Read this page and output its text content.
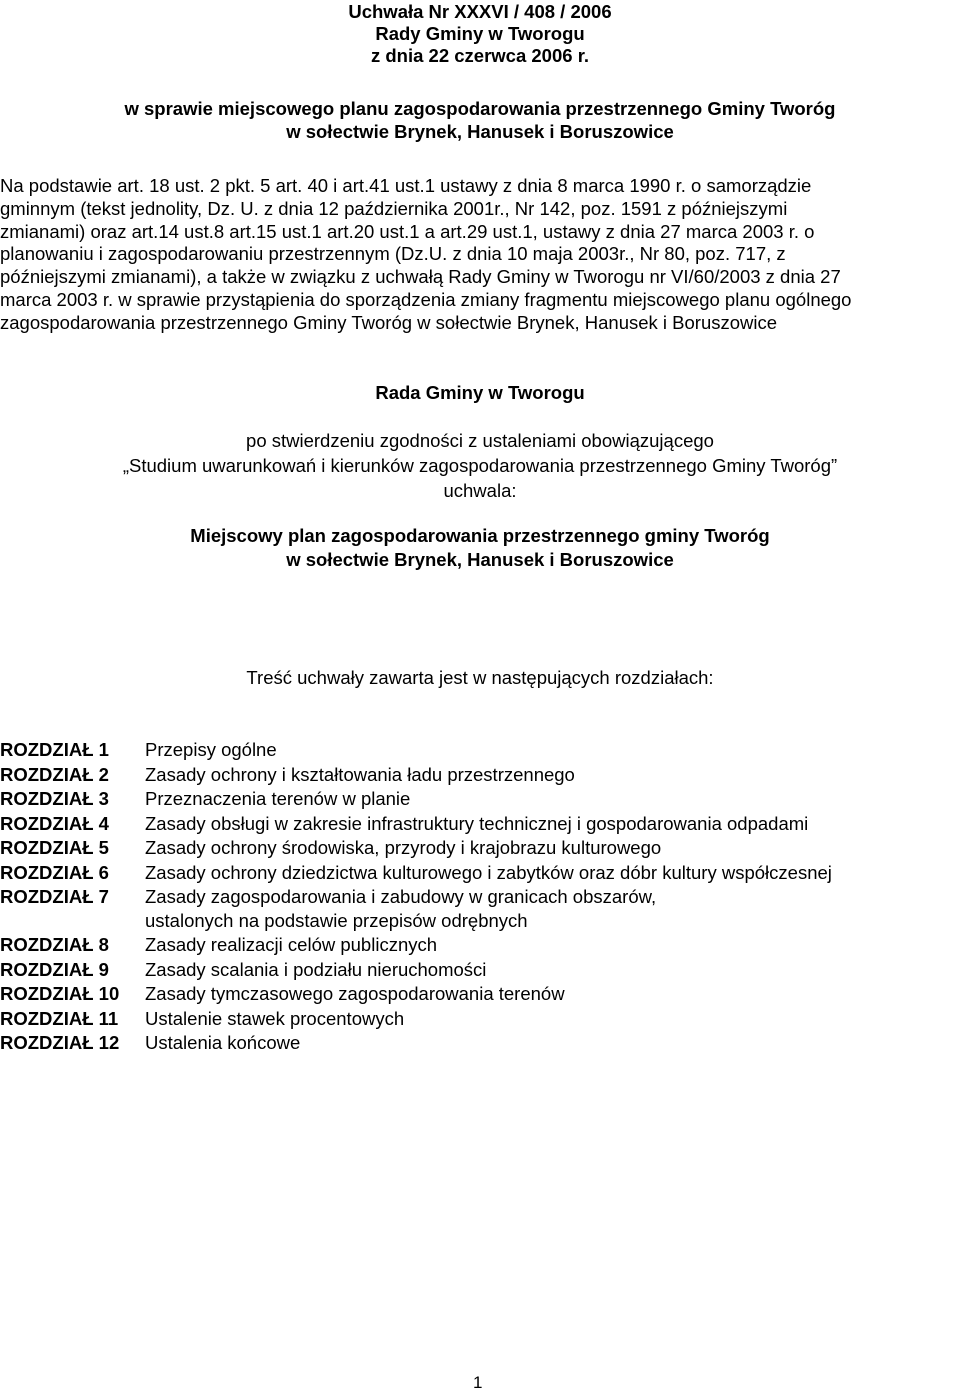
Uchwała Nr XXXVI / 408 / 2006
Rady Gminy w Tworogu
z dnia 22 czerwca 2006 r.
w sprawie miejscowego planu zagospodarowania przestrzennego Gminy Tworóg
w sołectwie Brynek, Hanusek i Boruszowice
Na podstawie art. 18 ust. 2 pkt. 5 art. 40 i art.41 ust.1 ustawy z dnia 8 marca 1990 r. o samorządzie
gminnym (tekst jednolity, Dz. U. z dnia 12 października 2001r., Nr 142, poz. 1591 z późniejszymi
zmianami) oraz art.14 ust.8 art.15 ust.1 art.20 ust.1 a art.29 ust.1, ustawy z dnia 27 marca 2003 r. o
planowaniu i zagospodarowaniu przestrzennym (Dz.U. z dnia 10 maja 2003r., Nr 80, poz. 717, z
późniejszymi zmianami), a także w związku z uchwałą Rady Gminy w Tworogu nr VI/60/2003 z dnia 27
marca 2003 r. w sprawie przystąpienia do sporządzenia zmiany fragmentu miejscowego planu ogólnego
zagospodarowania przestrzennego Gminy Tworóg w sołectwie Brynek, Hanusek i Boruszowice
Rada Gminy w Tworogu
po stwierdzeniu zgodności z ustaleniami obowiązującego
„Studium uwarunkowań i kierunków zagospodarowania przestrzennego Gminy Tworóg”
uchwala:
Miejscowy plan zagospodarowania przestrzennego gminy Tworóg
w sołectwie Brynek, Hanusek i Boruszowice
Treść uchwały zawarta jest w następujących rozdziałach:
ROZDZIAŁ 1 Przepisy ogólne
ROZDZIAŁ 2 Zasady ochrony i kształtowania ładu przestrzennego
ROZDZIAŁ 3 Przeznaczenia terenów w planie
ROZDZIAŁ 4 Zasady obsługi w zakresie infrastruktury technicznej i gospodarowania odpadami
ROZDZIAŁ 5 Zasady ochrony środowiska, przyrody i krajobrazu kulturowego
ROZDZIAŁ 6 Zasady ochrony dziedzictwa kulturowego i zabytków oraz dóbr kultury współczesnej
ROZDZIAŁ 7 Zasady zagospodarowania i zabudowy w granicach obszarów,
ustalonych na podstawie przepisów odrębnych
ROZDZIAŁ 8 Zasady realizacji celów publicznych
ROZDZIAŁ 9 Zasady scalania i podziału nieruchomości
ROZDZIAŁ 10 Zasady tymczasowego zagospodarowania terenów
ROZDZIAŁ 11 Ustalenie stawek procentowych
ROZDZIAŁ 12 Ustalenia końcowe
1
